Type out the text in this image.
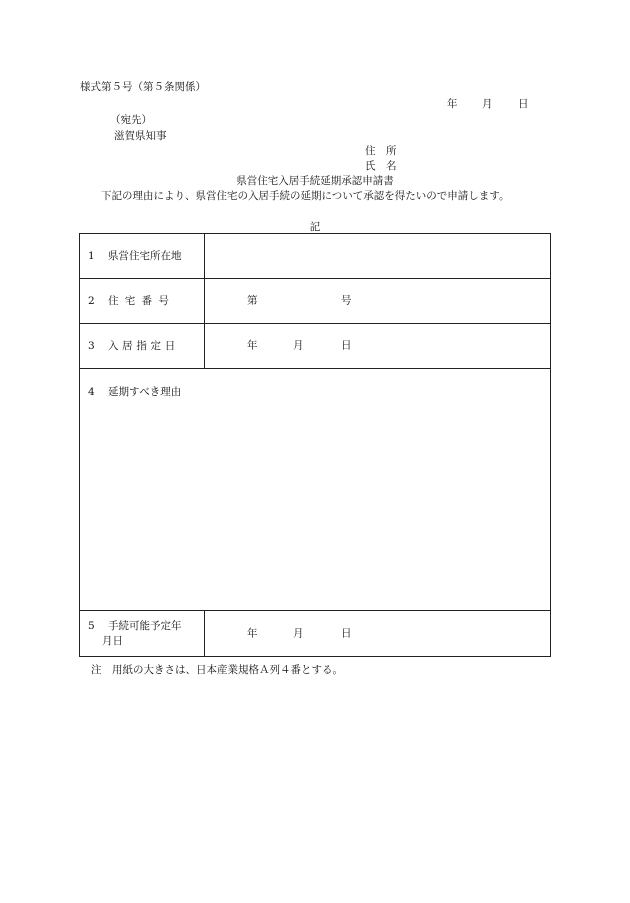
様式第５号（第５条関係）
年 月 日
（宛先）
滋賀県知事
住　所
氏　名
県営住宅入居手続延期承認申請書
下記の理由により、県営住宅の入居手続の延期について承認を得たいので申請します。
記
1 県営住宅所在地	
2 住宅番号	第 号

3 入居指定日	年 月 日

4 延期すべき理由	

5 手続可能予定年
月日	年 月 日
注　用紙の大きさは、日本産業規格Ａ列４番とする。
